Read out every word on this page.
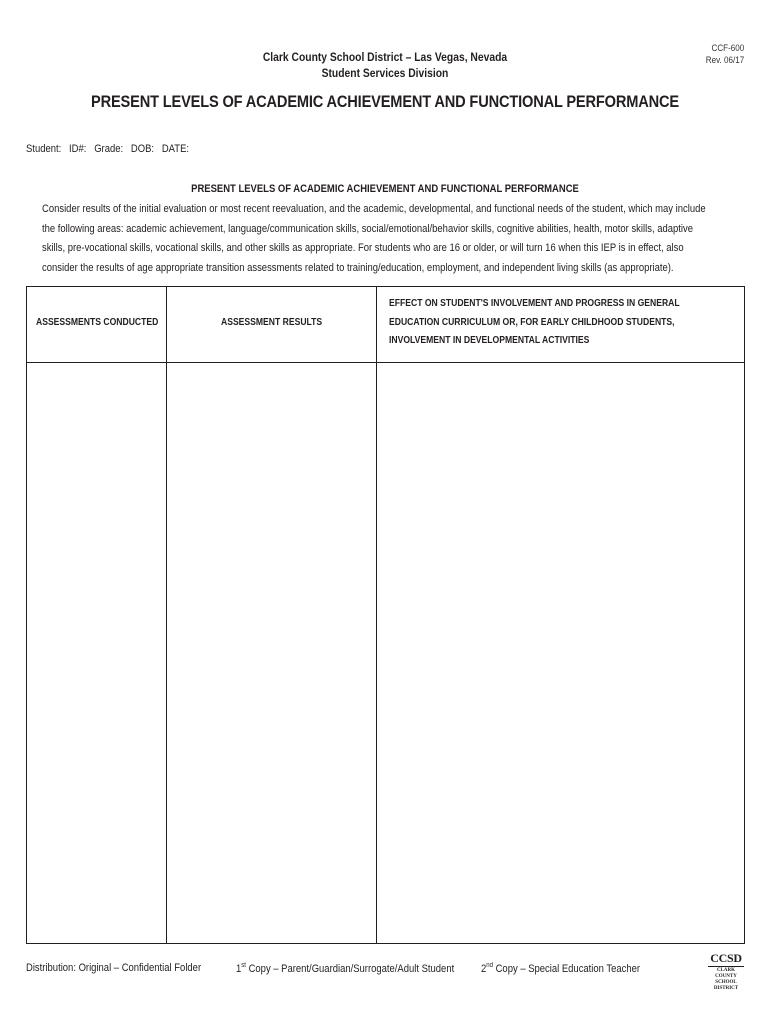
Clark County School District – Las Vegas, Nevada
Student Services Division
CCF-600
Rev. 06/17
PRESENT LEVELS OF ACADEMIC ACHIEVEMENT AND FUNCTIONAL PERFORMANCE
Student: ID#: Grade: DOB: DATE:
PRESENT LEVELS OF ACADEMIC ACHIEVEMENT AND FUNCTIONAL PERFORMANCE
Consider results of the initial evaluation or most recent reevaluation, and the academic, developmental, and functional needs of the student, which may include
the following areas: academic achievement, language/communication skills, social/emotional/behavior skills, cognitive abilities, health, motor skills, adaptive
skills, pre-vocational skills, vocational skills, and other skills as appropriate. For students who are 16 or older, or will turn 16 when this IEP is in effect, also
consider the results of age appropriate transition assessments related to training/education, employment, and independent living skills (as appropriate).
ASSESSMENTS CONDUCTED	ASSESSMENT RESULTS
EFFECT ON STUDENT'S INVOLVEMENT AND PROGRESS IN GENERAL
EDUCATION CURRICULUM OR, FOR EARLY CHILDHOOD STUDENTS,
INVOLVEMENT IN DEVELOPMENTAL ACTIVITIES
Distribution: Original – Confidential Folder	1st Copy – Parent/Guardian/Surrogate/Adult Student 2nd Copy – Special Education Teacher
CCSD
CLARK COUNTY
SCHOOL DISTRICT
